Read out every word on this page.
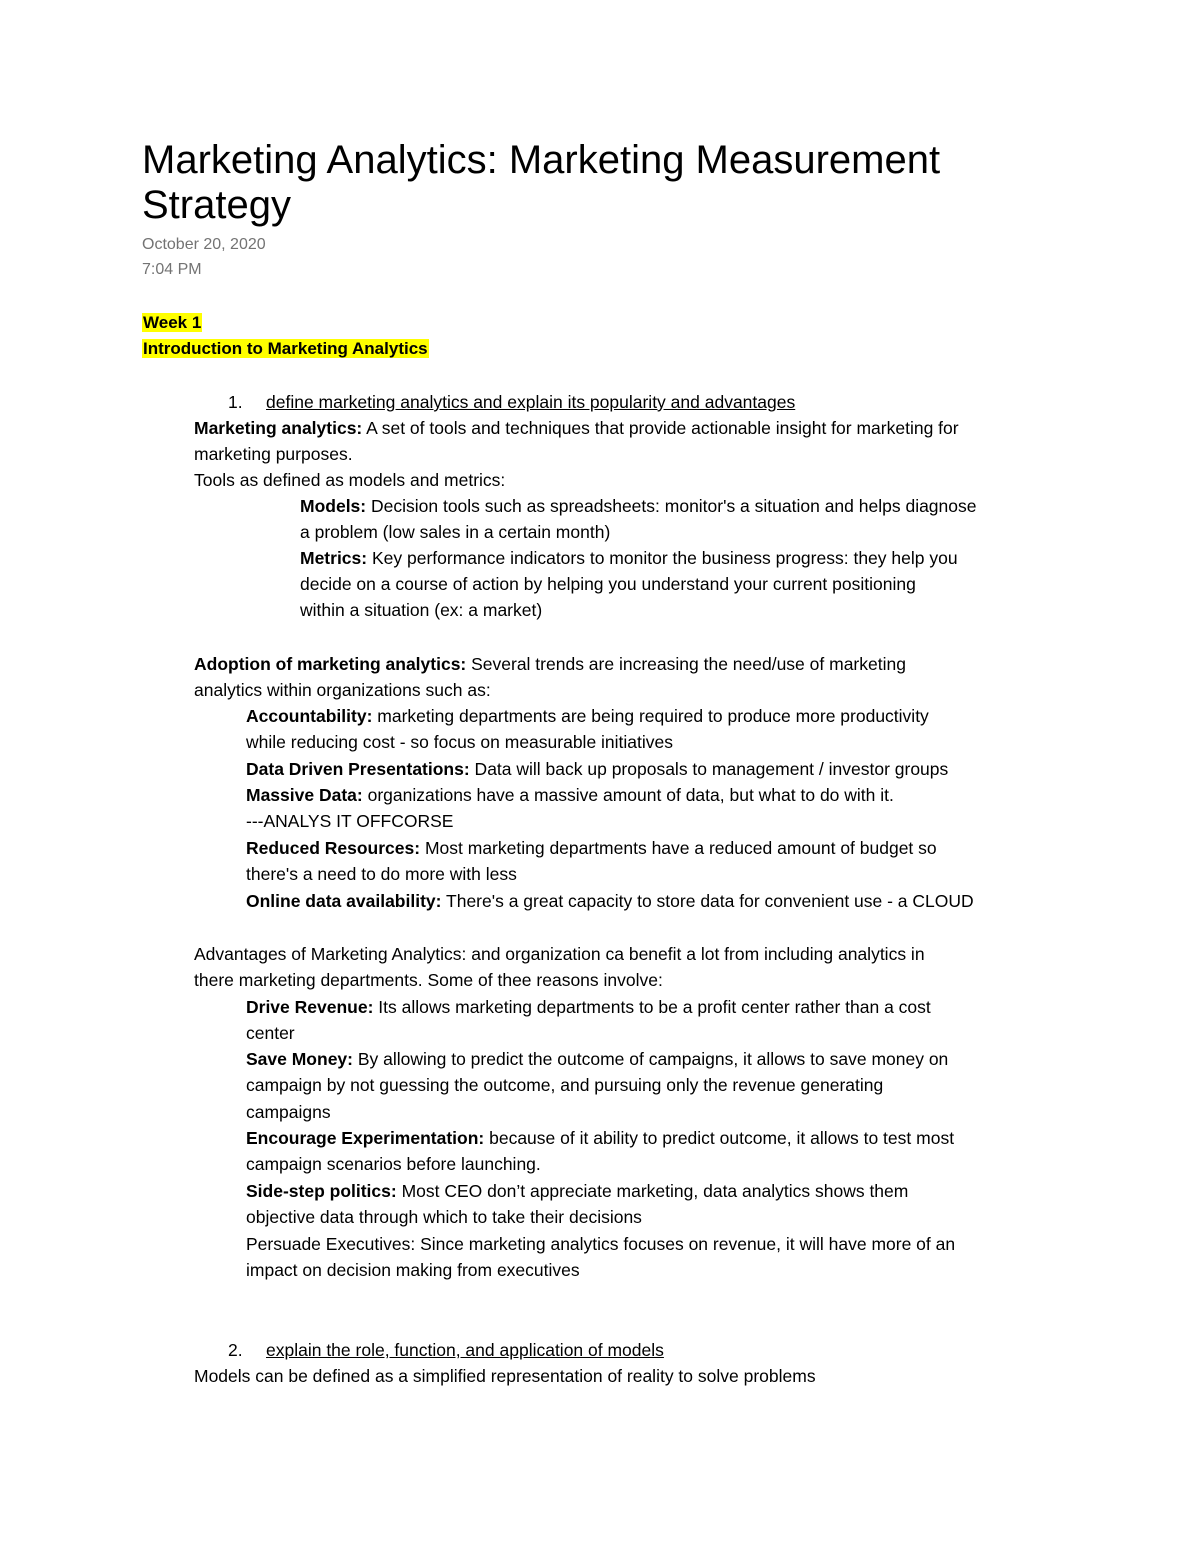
Marketing Analytics: Marketing Measurement
Strategy
October 20, 2020
7:04 PM
Week 1
Introduction to Marketing Analytics
1. define marketing analytics and explain its popularity and advantages
Marketing analytics: A set of tools and techniques that provide actionable insight for marketing for
marketing purposes.
Tools as defined as models and metrics:
Models: Decision tools such as spreadsheets: monitor's a situation and helps diagnose
a problem (low sales in a certain month)
Metrics: Key performance indicators to monitor the business progress: they help you
decide on a course of action by helping you understand your current positioning
within a situation (ex: a market)
Adoption of marketing analytics: Several trends are increasing the need/use of marketing
analytics within organizations such as:
Accountability: marketing departments are being required to produce more productivity
while reducing cost - so focus on measurable initiatives
Data Driven Presentations: Data will back up proposals to management / investor groups
Massive Data: organizations have a massive amount of data, but what to do with it.
---ANALYS IT OFFCORSE
Reduced Resources: Most marketing departments have a reduced amount of budget so
there's a need to do more with less
Online data availability: There's a great capacity to store data for convenient use - a CLOUD
Advantages of Marketing Analytics: and organization ca benefit a lot from including analytics in
there marketing departments. Some of thee reasons involve:
Drive Revenue: Its allows marketing departments to be a profit center rather than a cost
center
Save Money: By allowing to predict the outcome of campaigns, it allows to save money on
campaign by not guessing the outcome, and pursuing only the revenue generating
campaigns
Encourage Experimentation: because of it ability to predict outcome, it allows to test most
campaign scenarios before launching.
Side-step politics: Most CEO don’t appreciate marketing, data analytics shows them
objective data through which to take their decisions
Persuade Executives: Since marketing analytics focuses on revenue, it will have more of an
impact on decision making from executives
2. explain the role, function, and application of models
Models can be defined as a simplified representation of reality to solve problems
